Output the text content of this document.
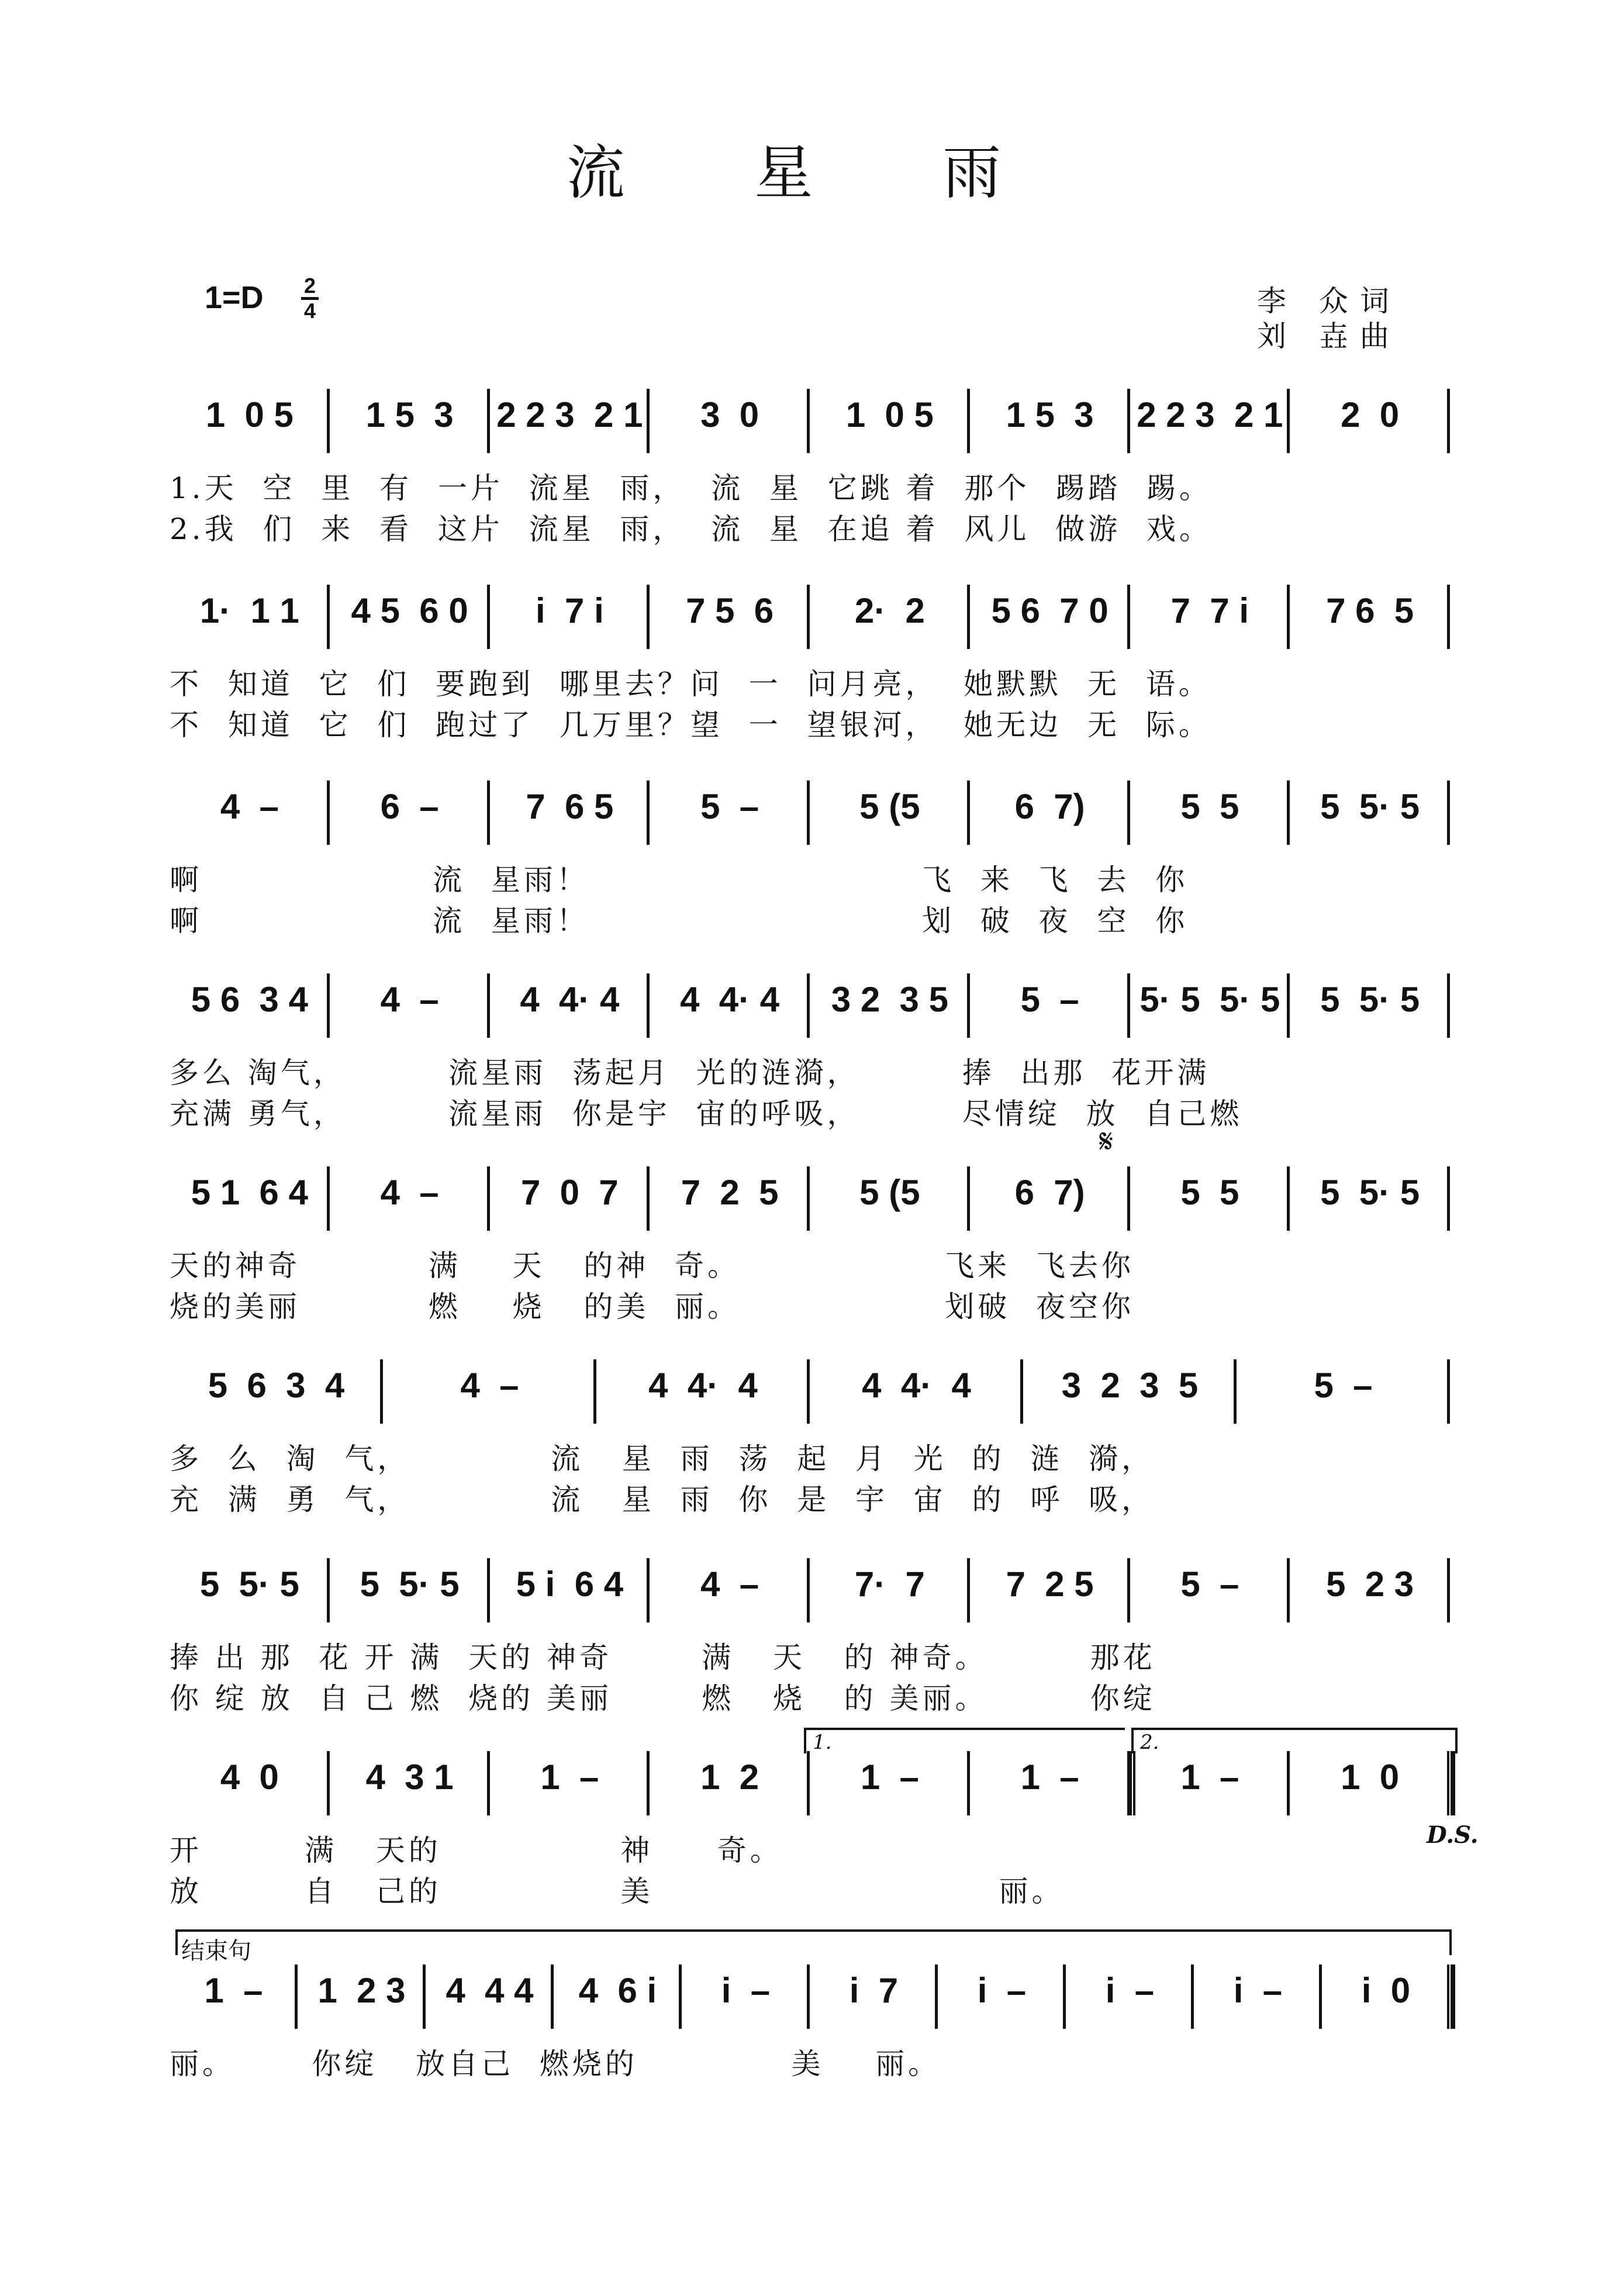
流 星 雨
1=D 2
4	李 众词
刘 壵曲
1  0 5	1 5  3	2 2 3  2 1	3  0	1  0 5	1 5  3	2 2 3  2 1	2  0
1.天  空  里  有  一片  流星  雨，  流  星  它跳 着  那个  踢踏  踢。
2.我  们  来  看  这片  流星  雨，  流  星  在追 着  风儿  做游  戏。
1·  1 1	4 5  6 0	i  7 i	7 5  6	2·  2	5 6  7 0	7  7 i	7 6  5
不  知道  它  们  要跑到  哪里去？问  一  问月亮，  她默默  无  语。
不  知道  它  们  跑过了  几万里？望  一  望银河，  她无边  无  际。
4  –	6  –	7  6 5	5  –	5 (5	6  7)	5  5	5  5· 5
啊                  流  星雨！                          飞  来  飞  去  你
啊                  流  星雨！                          划  破  夜  空  你
5 6  3 4	4  –	4  4· 4	4  4· 4	3 2  3 5	5  –	5· 5  5· 5	5  5· 5
多么 淘气，        流星雨  荡起月  光的涟漪，        捧  出那  花开满
充满 勇气，        流星雨  你是宇  宙的呼吸，        尽情绽  放  自己燃
5 1  6 4	4  –	7  0  7	7  2  5	5 (5	6  7)	5  5	5  5· 5
天的神奇          满    天   的神  奇。                飞来  飞去你
烧的美丽          燃    烧   的美  丽。                划破  夜空你
5  6  3  4	4  –	4  4·  4	4  4·  4	3  2  3  5	5  –
多  么  淘  气，           流   星  雨  荡  起  月  光  的  涟  漪，
充  满  勇  气，           流   星  雨  你  是  宇  宙  的  呼  吸，
5  5· 5	5  5· 5	5 i  6 4	4  –	7·  7	7  2 5	5  –	5  2 3
捧 出 那  花 开 满  天的 神奇       满   天   的 神奇。        那花
你 绽 放  自 己 燃  烧的 美丽       燃   烧   的 美丽。        你绽
4  0	4  3 1	1  –	1  2	1  –	1  –	1  –	1  0
开        满   天的              神     奇。
放        自   己的              美                           丽。
1  –	1  2 3	4  4 4	4  6 i	i  –	i  7	i  –	i  –	i  –	i  0
丽。      你绽   放自己  燃烧的            美    丽。
𝄋
1.	2.
D.S.
结束句
